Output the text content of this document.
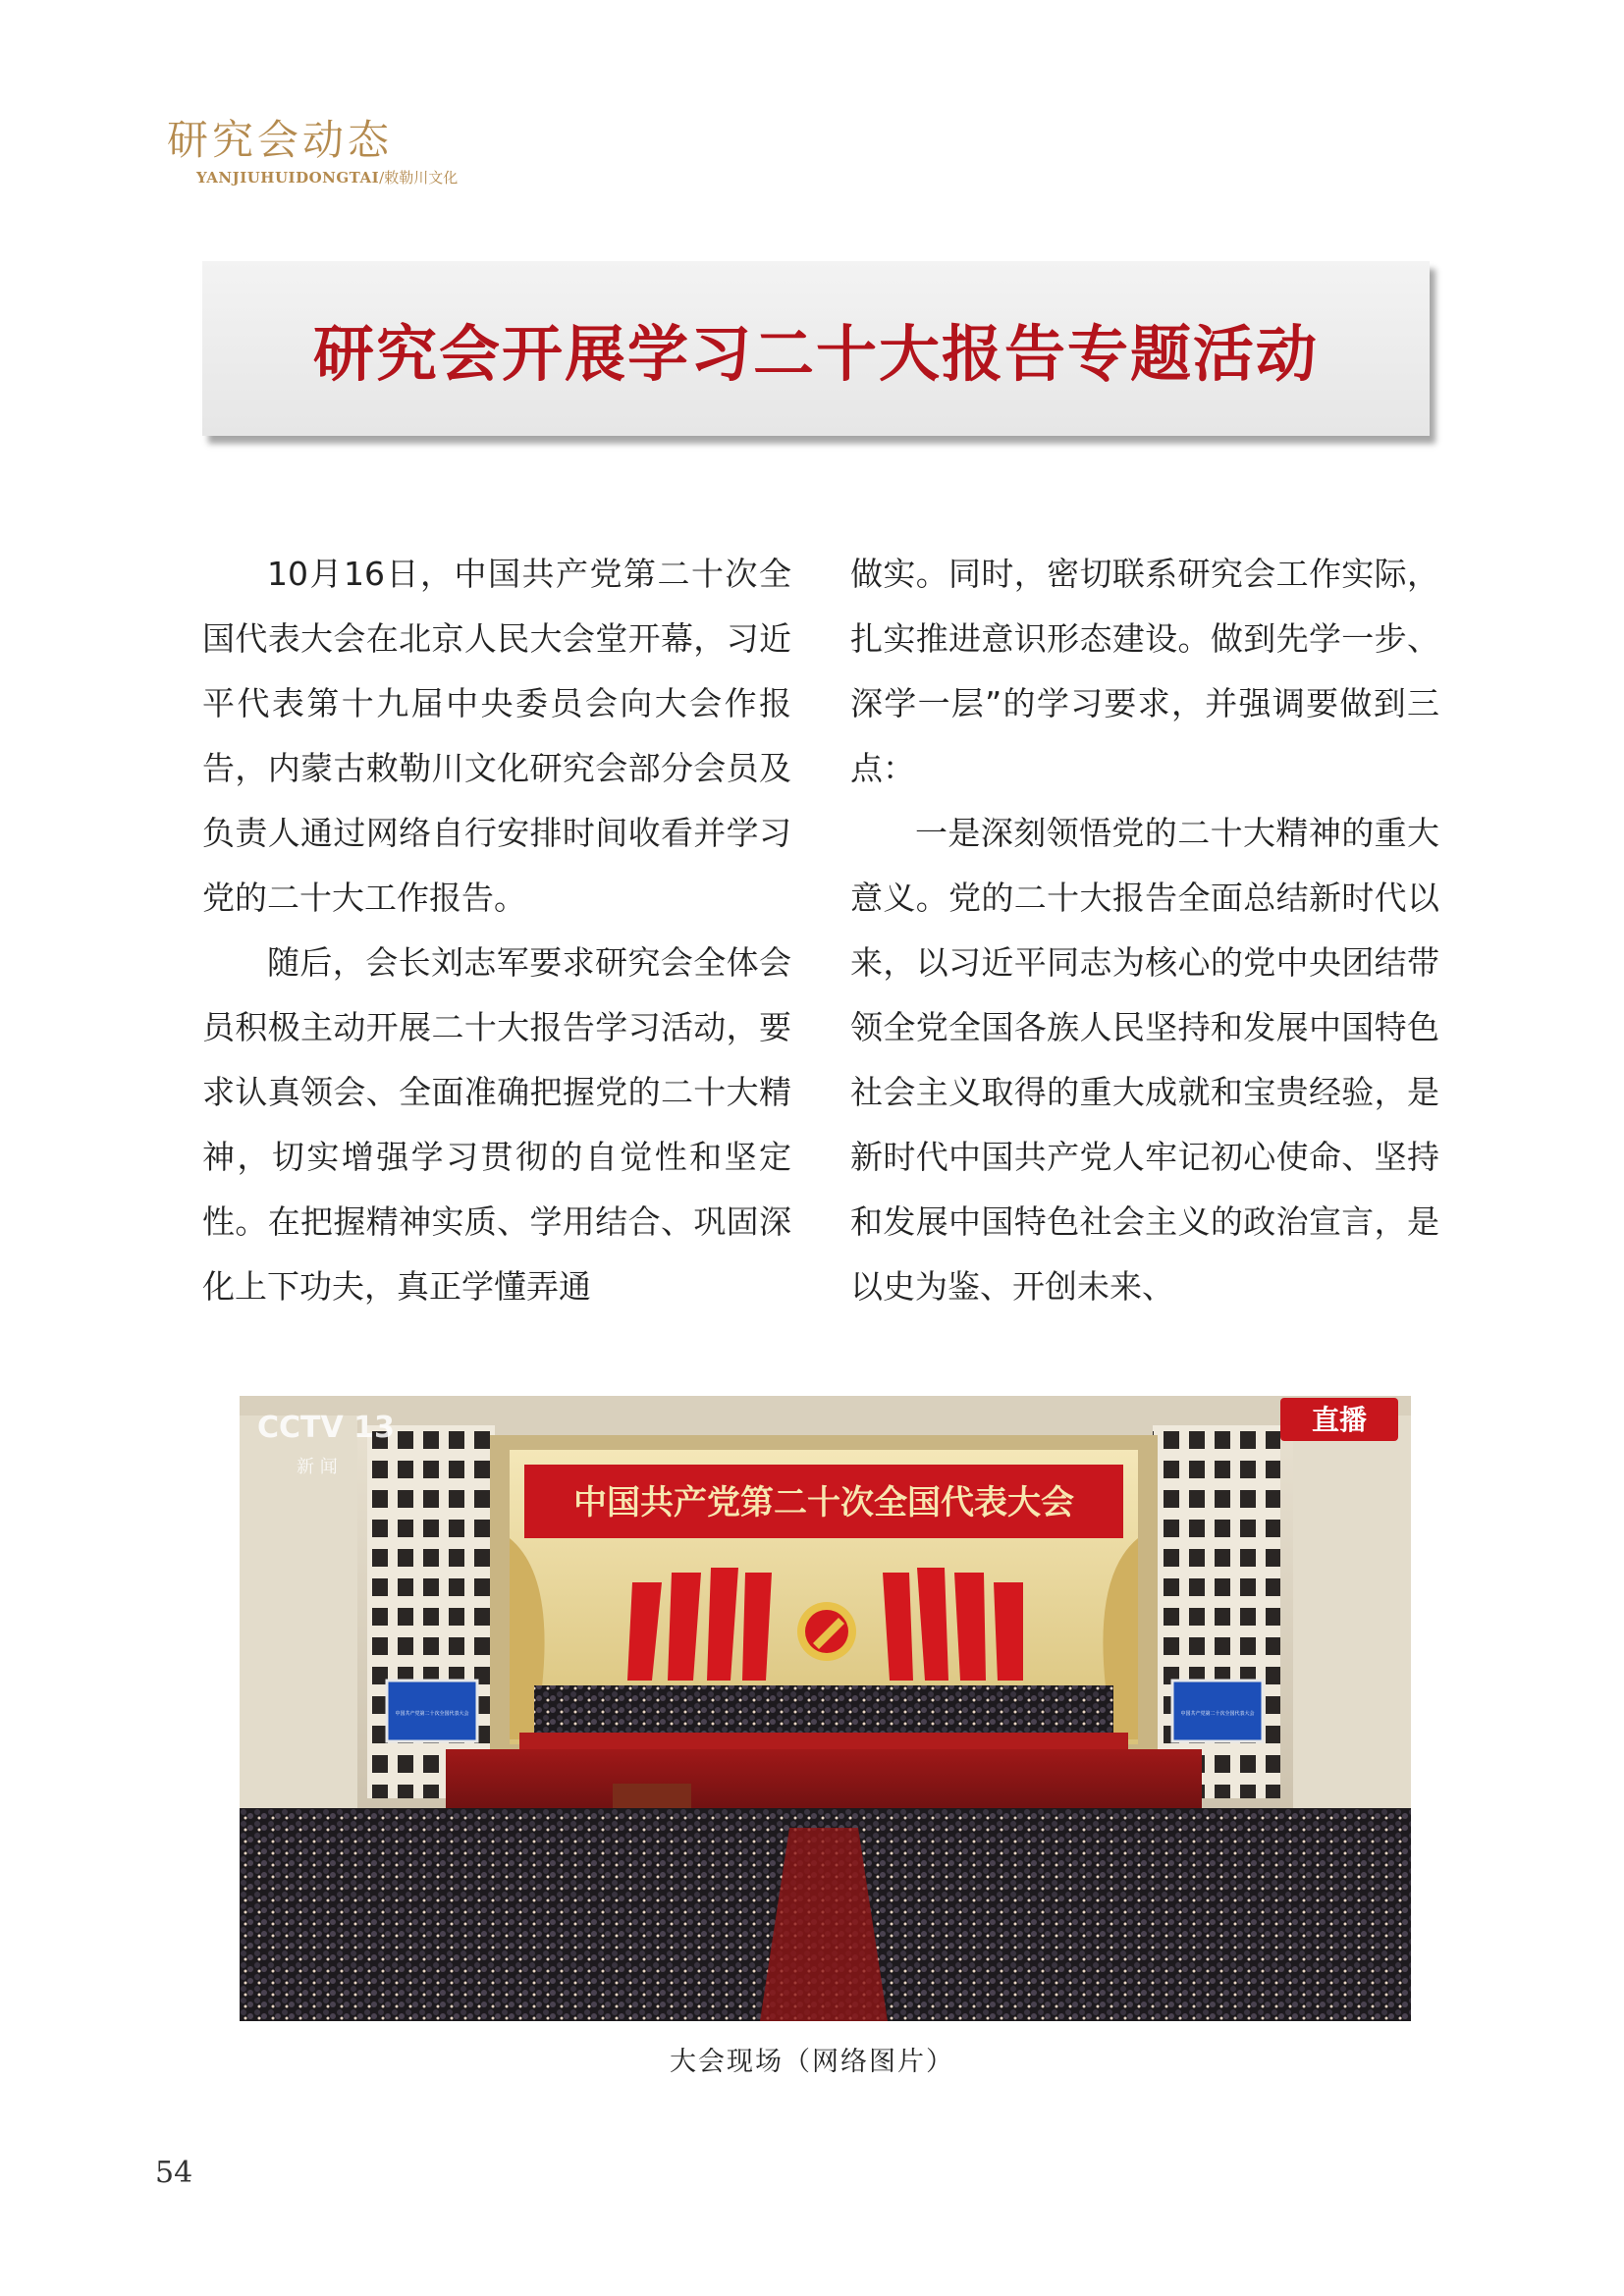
研究会动态
YANJIUHUIDONGTAI/敕勒川文化
研究会开展学习二十大报告专题活动

10月16日，中国共产党第二十次全国代表大会在北京人民大会堂开幕，习近平代表第十九届中央委员会向大会作报告，内蒙古敕勒川文化研究会部分会员及负责人通过网络自行安排时间收看并学习党的二十大工作报告。

随后，会长刘志军要求研究会全体会员积极主动开展二十大报告学习活动，要求认真领会、全面准确把握党的二十大精神，切实增强学习贯彻的自觉性和坚定性。在把握精神实质、学用结合、巩固深化上下功夫，真正学懂弄通

做实。同时，密切联系研究会工作实际，扎实推进意识形态建设。做到先学一步、深学一层”的学习要求，并强调要做到三点：

一是深刻领悟党的二十大精神的重大意义。党的二十大报告全面总结新时代以来，以习近平同志为核心的党中央团结带领全党全国各族人民坚持和发展中国特色社会主义取得的重大成就和宝贵经验，是新时代中国共产党人牢记初心使命、坚持和发展中国特色社会主义的政治宣言，是以史为鉴、开创未来、

中国共产党第二十次全国代表大会
中国共产党第二十次全国代表大会	中国共产党第二十次全国代表大会
CCTV 13
新 闻
直播
大会现场（网络图片）
54
